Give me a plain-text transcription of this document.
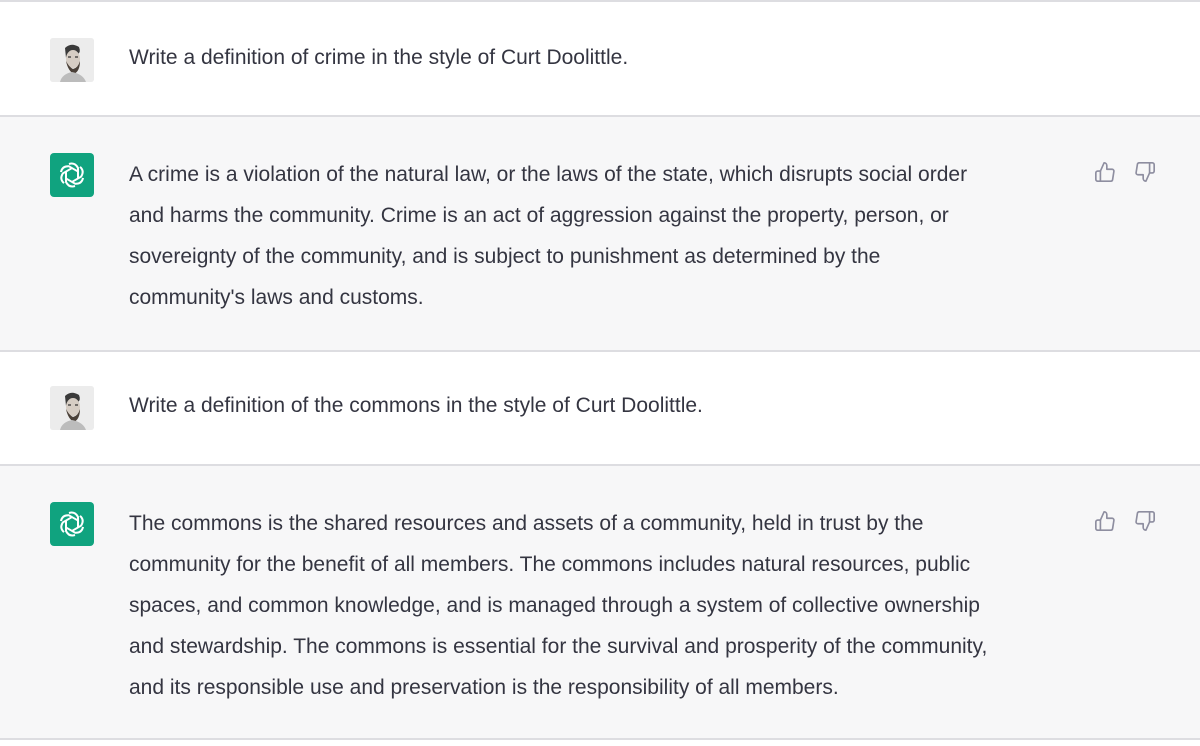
Write a definition of crime in the style of Curt Doolittle.
A crime is a violation of the natural law, or the laws of the state, which disrupts social order
and harms the community. Crime is an act of aggression against the property, person, or
sovereignty of the community, and is subject to punishment as determined by the
community's laws and customs.
Write a definition of the commons in the style of Curt Doolittle.
The commons is the shared resources and assets of a community, held in trust by the
community for the benefit of all members. The commons includes natural resources, public
spaces, and common knowledge, and is managed through a system of collective ownership
and stewardship. The commons is essential for the survival and prosperity of the community,
and its responsible use and preservation is the responsibility of all members.
